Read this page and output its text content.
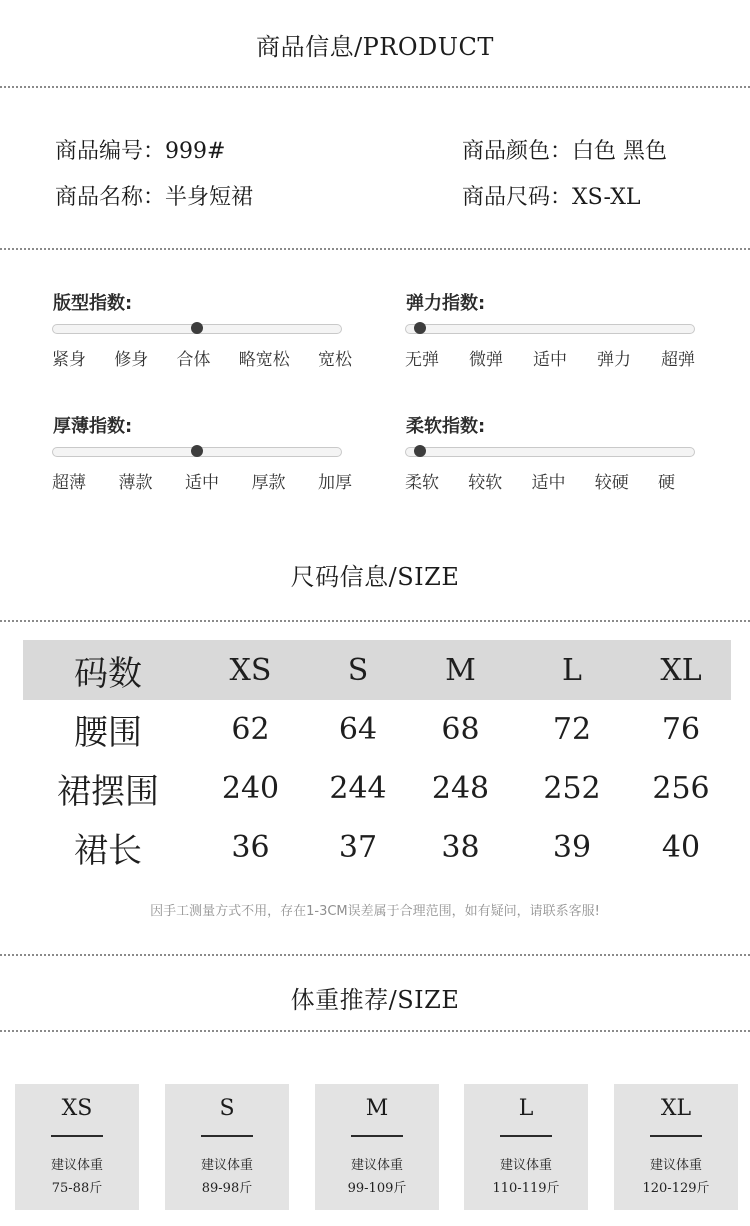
商品信息/PRODUCT
商品编号：999#	商品颜色：白色 黑色
商品名称：半身短裙	商品尺码：XS-XL
版型指数:
紧身 修身 合体 略宽松 宽松
弹力指数:
无弹 微弹 适中 弹力 超弹
厚薄指数:
超薄 薄款 适中 厚款 加厚
柔软指数:
柔软 较软 适中 较硬 硬
尺码信息/SIZE
码数	XS	S	M	L	XL
腰围	62	64	68	72	76
裙摆围	240	244	248	252	256
裙长	36	37	38	39	40
因手工测量方式不用，存在1-3CM误差属于合理范围，如有疑问，请联系客服!
体重推荐/SIZE
XS
建议体重
75-88斤
S
建议体重
89-98斤
M
建议体重
99-109斤
L
建议体重
110-119斤
XL
建议体重
120-129斤
